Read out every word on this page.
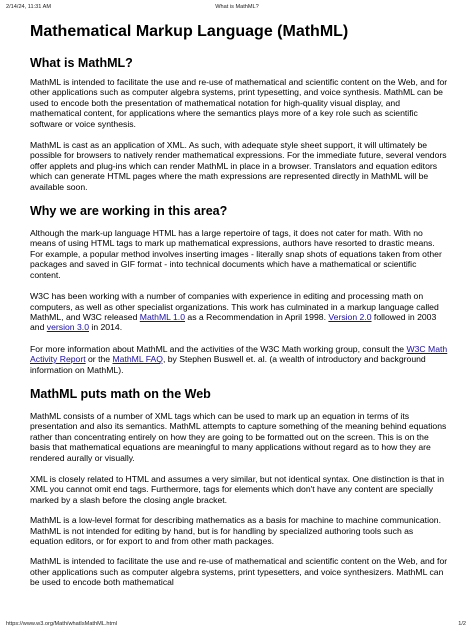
2/14/24, 11:31 AM	What is MathML?
Mathematical Markup Language (MathML)
What is MathML?

MathML is intended to facilitate the use and re-use of mathematical and scientific content on the Web, and for other applications such as computer algebra systems, print typesetting, and voice synthesis. MathML can be used to encode both the presentation of mathematical notation for high-quality visual display, and mathematical content, for applications where the semantics plays more of a key role such as scientific software or voice synthesis.

MathML is cast as an application of XML. As such, with adequate style sheet support, it will ultimately be possible for browsers to natively render mathematical expressions. For the immediate future, several vendors offer applets and plug-ins which can render MathML in place in a browser. Translators and equation editors which can generate HTML pages where the math expressions are represented directly in MathML will be available soon.

Why we are working in this area?

Although the mark-up language HTML has a large repertoire of tags, it does not cater for math. With no means of using HTML tags to mark up mathematical expressions, authors have resorted to drastic means. For example, a popular method involves inserting images - literally snap shots of equations taken from other packages and saved in GIF format - into technical documents which have a mathematical or scientific content.

W3C has been working with a number of companies with experience in editing and processing math on computers, as well as other specialist organizations. This work has culminated in a markup language called MathML, and W3C released MathML 1.0 as a Recommendation in April 1998. Version 2.0 followed in 2003 and version 3.0 in 2014.

For more information about MathML and the activities of the W3C Math working group, consult the W3C Math Activity Report or the MathML FAQ, by Stephen Buswell et. al. (a wealth of introductory and background information on MathML).

MathML puts math on the Web

MathML consists of a number of XML tags which can be used to mark up an equation in terms of its presentation and also its semantics. MathML attempts to capture something of the meaning behind equations rather than concentrating entirely on how they are going to be formatted out on the screen. This is on the basis that mathematical equations are meaningful to many applications without regard as to how they are rendered aurally or visually.

XML is closely related to HTML and assumes a very similar, but not identical syntax. One distinction is that in XML you cannot omit end tags. Furthermore, tags for elements which don't have any content are specially marked by a slash before the closing angle bracket.

MathML is a low-level format for describing mathematics as a basis for machine to machine communication. MathML is not intended for editing by hand, but is for handling by specialized authoring tools such as equation editors, or for export to and from other math packages.

MathML is intended to facilitate the use and re-use of mathematical and scientific content on the Web, and for other applications such as computer algebra systems, print typesetters, and voice synthesizers. MathML can be used to encode both mathematical

https://www.w3.org/Math/whatIsMathML.html	1/2
